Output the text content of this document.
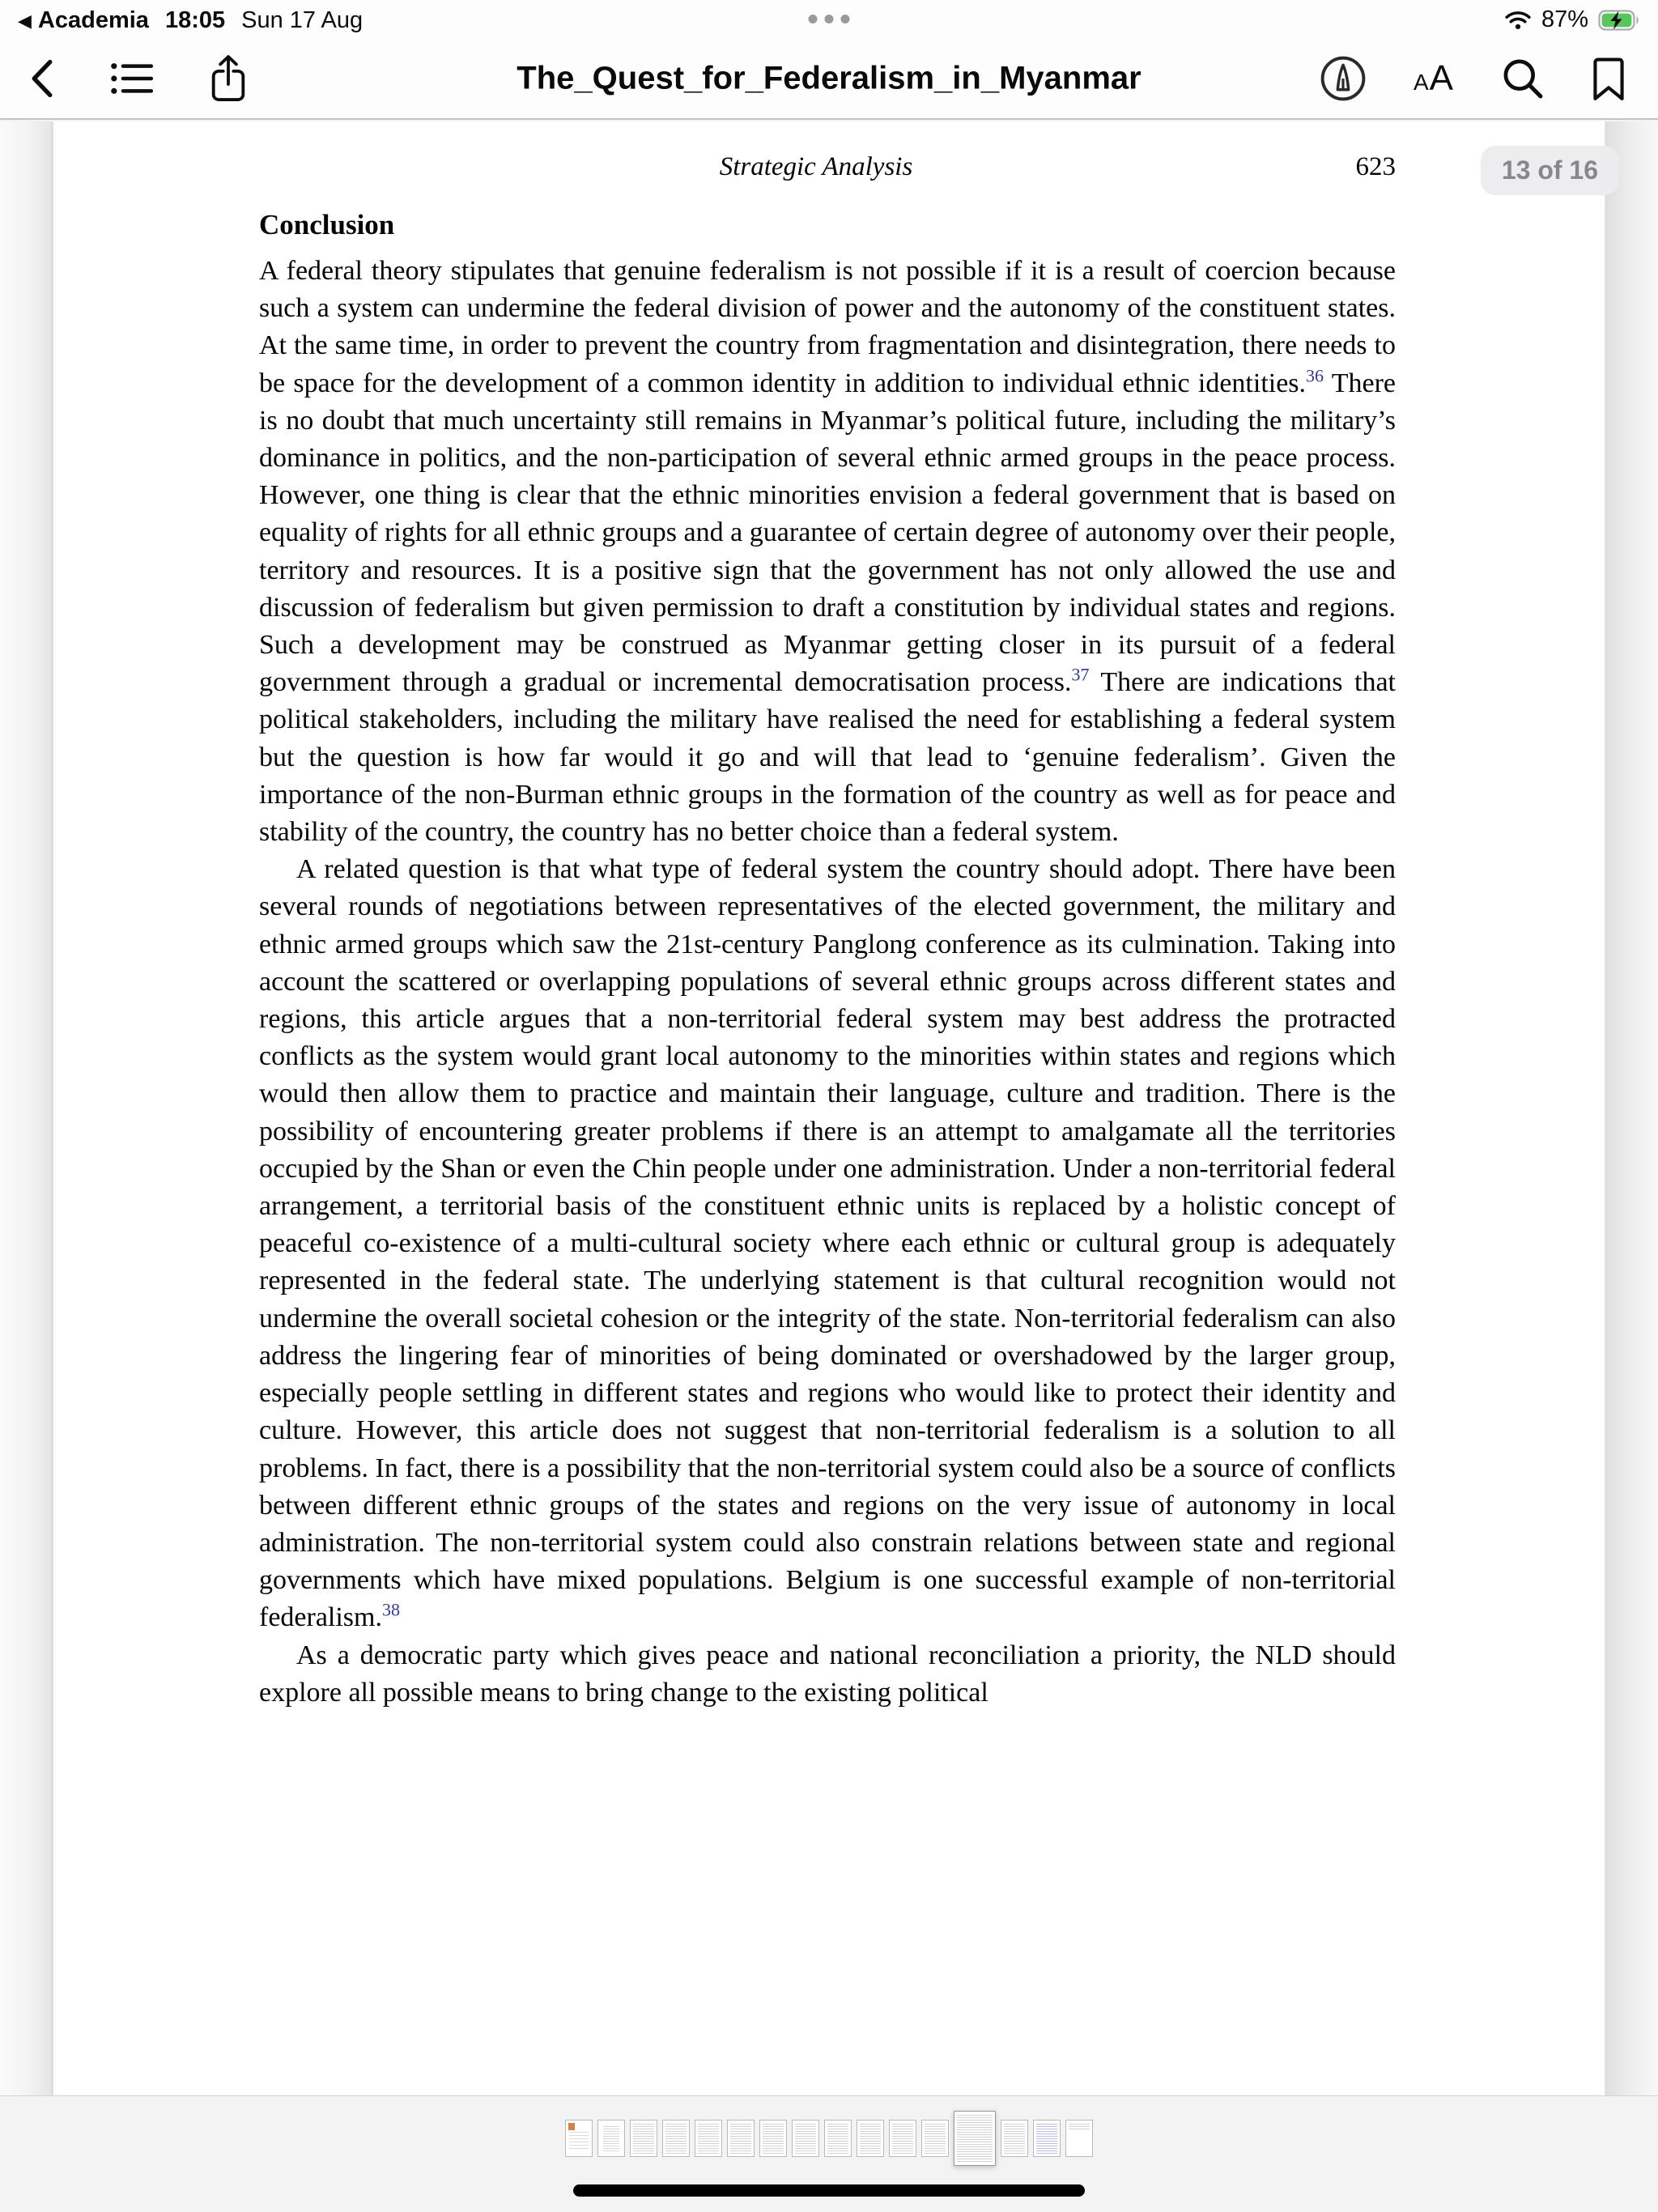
◀ Academia 18:05 Sun 17 Aug	87%
The_Quest_for_Federalism_in_Myanmar	A A
13 of 16
Strategic Analysis	623
Conclusion

A federal theory stipulates that genuine federalism is not possible if it is a result of coercion because such a system can undermine the federal division of power and the autonomy of the constituent states. At the same time, in order to prevent the country from fragmentation and disintegration, there needs to be space for the development of a common identity in addition to individual ethnic identities.$^{36}$ There is no doubt that much uncertainty still remains in Myanmar’s political future, including the military’s dominance in politics, and the non-participation of several ethnic armed groups in the peace process. However, one thing is clear that the ethnic minorities envision a federal government that is based on equality of rights for all ethnic groups and a guarantee of certain degree of autonomy over their people, territory and resources. It is a positive sign that the government has not only allowed the use and discussion of federalism but given permission to draft a constitution by individual states and regions. Such a development may be construed as Myanmar getting closer in its pursuit of a federal government through a gradual or incremental democratisation process.$^{37}$ There are indications that political stakeholders, including the military have realised the need for establishing a federal system but the question is how far would it go and will that lead to ‘genuine federalism’. Given the importance of the non-Burman ethnic groups in the formation of the country as well as for peace and stability of the country, the country has no better choice than a federal system.

A related question is that what type of federal system the country should adopt. There have been several rounds of negotiations between representatives of the elected government, the military and ethnic armed groups which saw the 21st-century Panglong conference as its culmination. Taking into account the scattered or overlapping populations of several ethnic groups across different states and regions, this article argues that a non-territorial federal system may best address the protracted conflicts as the system would grant local autonomy to the minorities within states and regions which would then allow them to practice and maintain their language, culture and tradition. There is the possibility of encountering greater problems if there is an attempt to amalgamate all the territories occupied by the Shan or even the Chin people under one administration. Under a non-territorial federal arrangement, a territorial basis of the constituent ethnic units is replaced by a holistic concept of peaceful co-existence of a multi-cultural society where each ethnic or cultural group is adequately represented in the federal state. The underlying statement is that cultural recognition would not undermine the overall societal cohesion or the integrity of the state. Non-territorial federalism can also address the lingering fear of minorities of being dominated or overshadowed by the larger group, especially people settling in different states and regions who would like to protect their identity and culture. However, this article does not suggest that non-territorial federalism is a solution to all problems. In fact, there is a possibility that the non-territorial system could also be a source of conflicts between different ethnic groups of the states and regions on the very issue of autonomy in local administration. The non-territorial system could also constrain relations between state and regional governments which have mixed populations. Belgium is one successful example of non-territorial federalism.$^{38}$

As a democratic party which gives peace and national reconciliation a priority, the NLD should explore all possible means to bring change to the existing political
